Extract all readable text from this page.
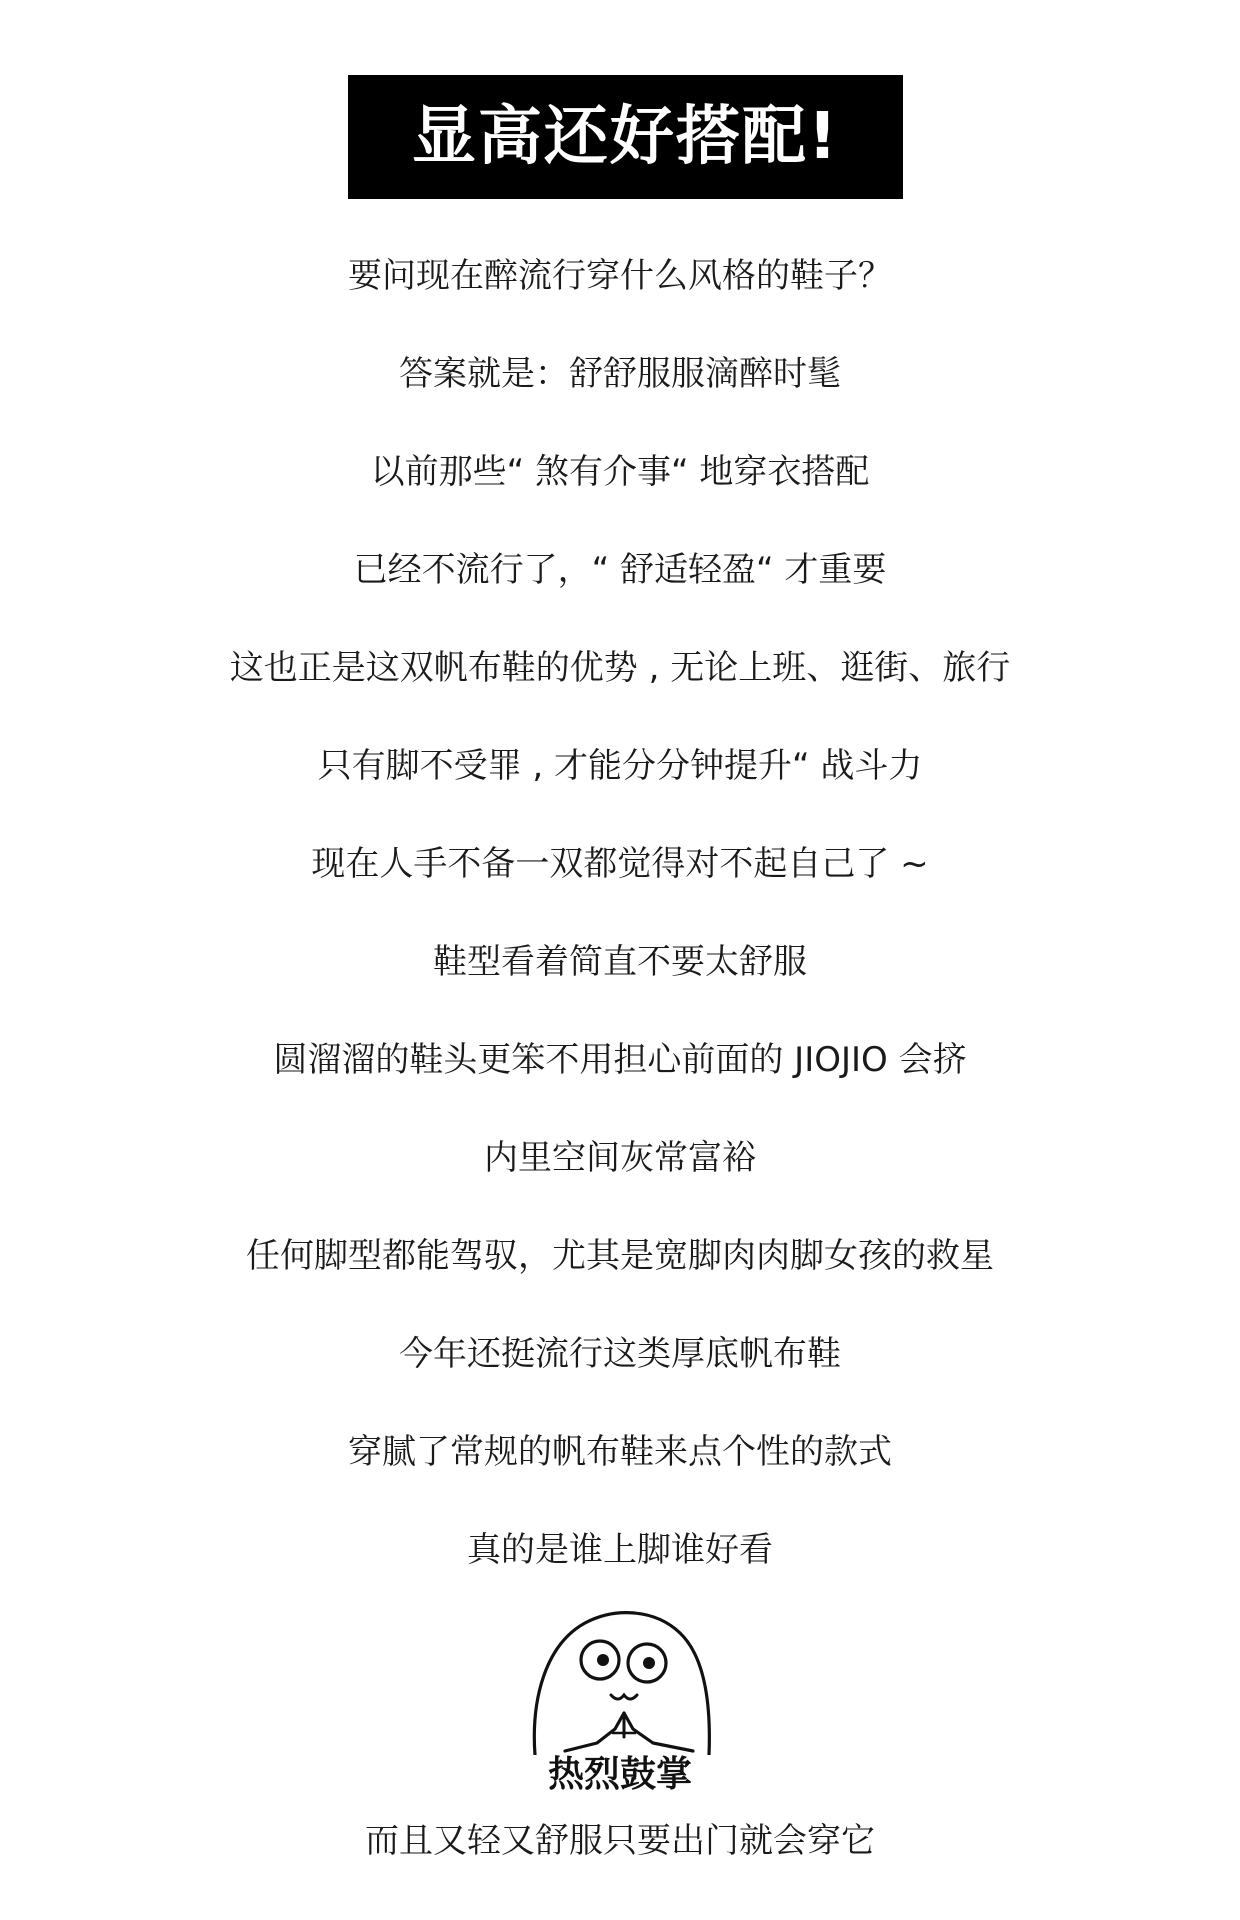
显高还好搭配!
要问现在醉流行穿什么风格的鞋子？
答案就是：舒舒服服滴醉时髦
以前那些“ 煞有介事“ 地穿衣搭配
已经不流行了，“ 舒适轻盈“ 才重要
这也正是这双帆布鞋的优势 , 无论上班、逛街、旅行
只有脚不受罪 , 才能分分钟提升“ 战斗力
现在人手不备一双都觉得对不起自己了 ~
鞋型看着简直不要太舒服
圆溜溜的鞋头更笨不用担心前面的 JIOJIO 会挤
内里空间灰常富裕
任何脚型都能驾驭，尤其是宽脚肉肉脚女孩的救星
今年还挺流行这类厚底帆布鞋
穿腻了常规的帆布鞋来点个性的款式
真的是谁上脚谁好看
热烈鼓掌
而且又轻又舒服只要出门就会穿它
